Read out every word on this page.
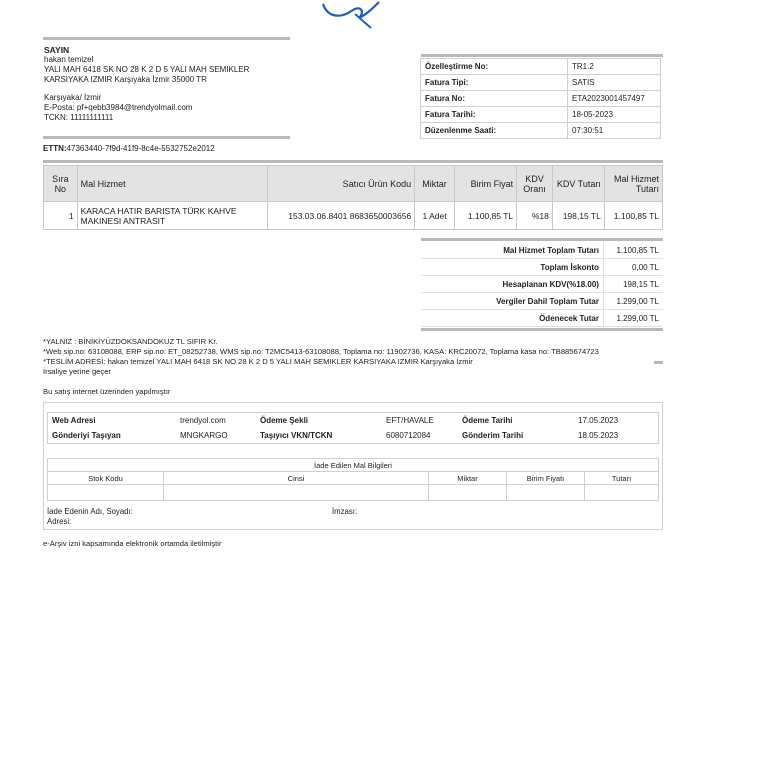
SAYIN
hakan temizel
YALI MAH 6418 SK NO 28 K 2 D 5 YALI MAH SEMIKLER
KARSIYAKA IZMIR Karşıyaka İzmir 35000 TR
Karşıyaka/ İzmir
E-Posta: pf+qebb3984@trendyolmail.com
TCKN: 11111111111
ETTN:47363440-7f9d-41f9-8c4e-5532752e2012
Özelleştirme No:	TR1.2
Fatura Tipi:	SATIS
Fatura No:	ETA2023001457497
Fatura Tarihi:	18-05-2023
Düzenlenme Saati:	07:30:51
Sıra No	Mal Hizmet	Satıcı Ürün Kodu	Miktar	Birim Fiyat	KDV Oranı	KDV Tutarı	Mal Hizmet Tutarı
1	KARACA HATIR BARISTA TÜRK KAHVE MAKINESI ANTRASIT	153.03.06.8401 8683650003656	1 Adet	1.100,85 TL	%18	198,15 TL	1.100,85 TL
Mal Hizmet Toplam Tutarı	1.100,85 TL
Toplam İskonto	0,00 TL
Hesaplanan KDV(%18.00)	198,15 TL
Vergiler Dahil Toplam Tutar	1.299,00 TL
Ödenecek Tutar	1.299,00 TL
*YALNIZ : BİNİKİYÜZDOKSANDOKUZ TL SIFIR Kr.
*Web sip.no: 63108088, ERP sip.no: ET_08252738, WMS sip.no: T2MC5413-63108088, Toplama no: 11902736, KASA: KRC20072, Toplama kasa no: TB885674723
*TESLİM ADRESİ: hakan temizel YALI MAH 6418 SK NO 28 K 2 D 5 YALI MAH SEMIKLER KARSIYAKA IZMIR Karşıyaka İzmir
İrsaliye yerine geçer
Bu satış internet üzerinden yapılmıştır
Web Adresi	trendyol.com	Ödeme Şekli	EFT/HAVALE	Ödeme Tarihi	17.05.2023
Gönderiyi Taşıyan	MNGKARGO	Taşıyıcı VKN/TCKN	6080712084	Gönderim Tarihi	18.05.2023
İade Edilen Mal Bilgileri				
Stok Kodu	Cinsi	Miktar	Birim Fiyatı	Tutarı

İade Edenin Adı, Soyadı:
Adresi:
İmzası:
e-Arşiv izni kapsamında elektronik ortamda iletilmiştir
